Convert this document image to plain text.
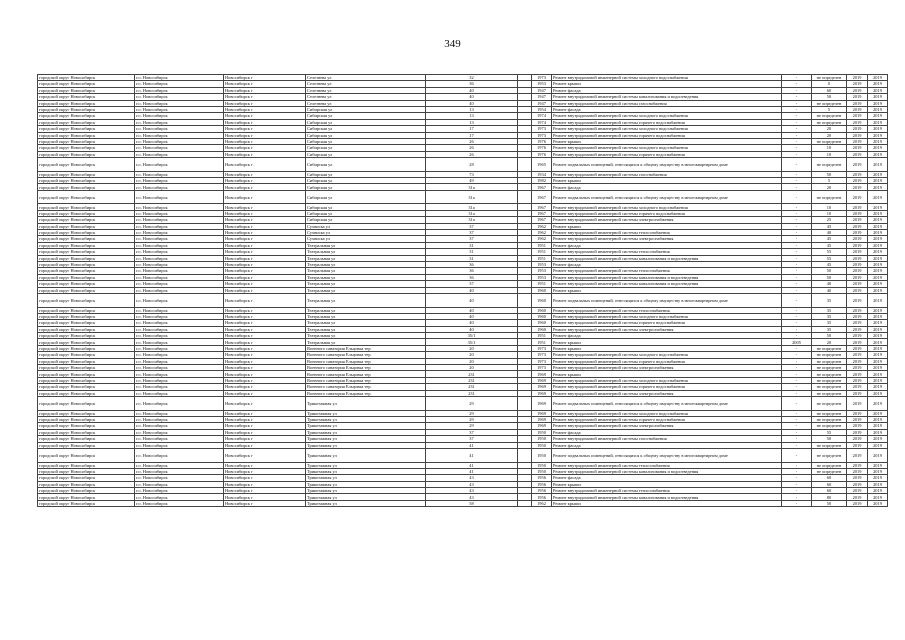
349
городской округ Новосибирск	г.о. Новосибирск	Новосибирск г	Селезнева ул	32		1973	Ремонт внутридомовой инженерной системы холодного водоснабжения	-	не определен	2019	2019
городской округ Новосибирск	г.о. Новосибирск	Новосибирск г	Селезнева ул	36		1953	Ремонт крыши	-	0	2019	2019
городской округ Новосибирск	г.о. Новосибирск	Новосибирск г	Селезнева ул	40		1947	Ремонт фасада	-	60	2019	2019
городской округ Новосибирск	г.о. Новосибирск	Новосибирск г	Селезнева ул	40		1947	Ремонт внутридомовой инженерной системы канализования и водоотведения	-	50	2019	2019
городской округ Новосибирск	г.о. Новосибирск	Новосибирск г	Селезнева ул	40		1947	Ремонт внутридомовой инженерной системы газоснабжения	-	не определен	2019	2019
городской округ Новосибирск	г.о. Новосибирск	Новосибирск г	Сибирская ул	13		1954	Ремонт фасада	-	5	2019	2019
городской округ Новосибирск	г.о. Новосибирск	Новосибирск г	Сибирская ул	13		1974	Ремонт внутридомовой инженерной системы холодного водоснабжения	-	не определен	2019	2019
городской округ Новосибирск	г.о. Новосибирск	Новосибирск г	Сибирская ул	13		1974	Ремонт внутридомовой инженерной системы горячего водоснабжения	-	не определен	2019	2019
городской округ Новосибирск	г.о. Новосибирск	Новосибирск г	Сибирская ул	17		1973	Ремонт внутридомовой инженерной системы холодного водоснабжения	-	20	2019	2019
городской округ Новосибирск	г.о. Новосибирск	Новосибирск г	Сибирская ул	17		1973	Ремонт внутридомовой инженерной системы горячего водоснабжения	-	20	2019	2019
городской округ Новосибирск	г.о. Новосибирск	Новосибирск г	Сибирская ул	26		1976	Ремонт крыши	-	не определен	2019	2019
городской округ Новосибирск	г.о. Новосибирск	Новосибирск г	Сибирская ул	26		1976	Ремонт внутридомовой инженерной системы холодного водоснабжения	-	10	2019	2019
городской округ Новосибирск	г.о. Новосибирск	Новосибирск г	Сибирская ул	26		1976	Ремонт внутридомовой инженерной системы горячего водоснабжения	-	10	2019	2019
городской округ Новосибирск	г.о. Новосибирск	Новосибирск г	Сибирская ул	28		1965	Ремонт подвальных помещений, относящихся к общему имуществу в многоквартирном доме	-	не определен	2019	2019
городской округ Новосибирск	г.о. Новосибирск	Новосибирск г	Сибирская ул	73		1934	Ремонт внутридомовой инженерной системы газоснабжения	-	50	2019	2019
городской округ Новосибирск	г.о. Новосибирск	Новосибирск г	Сибирская ул	49		1982	Ремонт крыши	-	5	2019	2019
городской округ Новосибирск	г.о. Новосибирск	Новосибирск г	Сибирская ул	31а		1967	Ремонт фасада	-	20	2019	2019
городской округ Новосибирск	г.о. Новосибирск	Новосибирск г	Сибирская ул	31а		1967	Ремонт подвальных помещений, относящихся к общему имуществу в многоквартирном доме	-	не определен	2019	2019
городской округ Новосибирск	г.о. Новосибирск	Новосибирск г	Сибирская ул	31а		1967	Ремонт внутридомовой инженерной системы холодного водоснабжения	-	10	2019	2019
городской округ Новосибирск	г.о. Новосибирск	Новосибирск г	Сибирская ул	31а		1967	Ремонт внутридомовой инженерной системы горячего водоснабжения	-	10	2019	2019
городской округ Новосибирск	г.о. Новосибирск	Новосибирск г	Сибирская ул	31а		1967	Ремонт внутридомовой инженерной системы электроснабжения	-	25	2019	2019
городской округ Новосибирск	г.о. Новосибирск	Новосибирск г	Сухвиска ул	37		1962	Ремонт крыши	-	45	2019	2019
городской округ Новосибирск	г.о. Новосибирск	Новосибирск г	Сухвиска ул	37		1962	Ремонт внутридомовой инженерной системы теплоснабжения	-	40	2019	2019
городской округ Новосибирск	г.о. Новосибирск	Новосибирск г	Сухвиска ул	37		1962	Ремонт внутридомовой инженерной системы электроснабжения	-	45	2019	2019
городской округ Новосибирск	г.о. Новосибирск	Новосибирск г	Театральная ул	31		1951	Ремонт фасада	-	45	2019	2019
городской округ Новосибирск	г.о. Новосибирск	Новосибирск г	Театральная ул	31		1951	Ремонт внутридомовой инженерной системы теплоснабжения	-	55	2019	2019
городской округ Новосибирск	г.о. Новосибирск	Новосибирск г	Театральная ул	31		1951	Ремонт внутридомовой инженерной системы канализования и водоотведения	-	55	2019	2019
городской округ Новосибирск	г.о. Новосибирск	Новосибирск г	Театральная ул	36		1953	Ремонт фасада	-	45	2019	2019
городской округ Новосибирск	г.о. Новосибирск	Новосибирск г	Театральная ул	36		1953	Ремонт внутридомовой инженерной системы теплоснабжения	-	50	2019	2019
городской округ Новосибирск	г.о. Новосибирск	Новосибирск г	Театральная ул	36		1953	Ремонт внутридомовой инженерной системы канализования и водоотведения	-	50	2019	2019
городской округ Новосибирск	г.о. Новосибирск	Новосибирск г	Театральная ул	37		1951	Ремонт внутридомовой инженерной системы канализования и водоотведения	-	40	2019	2019
городской округ Новосибирск	г.о. Новосибирск	Новосибирск г	Театральная ул	40		1960	Ремонт крыши	-	40	2019	2019
городской округ Новосибирск	г.о. Новосибирск	Новосибирск г	Театральная ул	40		1960	Ремонт подвальных помещений, относящихся к общему имуществу в многоквартирном доме	-	35	2019	2019
городской округ Новосибирск	г.о. Новосибирск	Новосибирск г	Театральная ул	40		1960	Ремонт внутридомовой инженерной системы теплоснабжения	-	35	2019	2019
городской округ Новосибирск	г.о. Новосибирск	Новосибирск г	Театральная ул	40		1960	Ремонт внутридомовой инженерной системы холодного водоснабжения	-	35	2019	2019
городской округ Новосибирск	г.о. Новосибирск	Новосибирск г	Театральная ул	40		1960	Ремонт внутридомовой инженерной системы горячего водоснабжения	-	35	2019	2019
городской округ Новосибирск	г.о. Новосибирск	Новосибирск г	Театральная ул	40		1960	Ремонт внутридомовой инженерной системы электроснабжения	-	35	2019	2019
городской округ Новосибирск	г.о. Новосибирск	Новосибирск г	Театральная ул	35/1		1951	Ремонт фасада	-	50	2019	2019
городской округ Новосибирск	г.о. Новосибирск	Новосибирск г	Театральная ул	35/1		1951	Ремонт крыши	2005	20	2019	2019
городской округ Новосибирск	г.о. Новосибирск	Новосибирск г	Военного санатория Ельцовка тер	20		1973	Ремонт крыши	-	не определен	2019	2019
городской округ Новосибирск	г.о. Новосибирск	Новосибирск г	Военного санатория Ельцовка тер	20		1973	Ремонт внутридомовой инженерной системы холодного водоснабжения	-	не определен	2019	2019
городской округ Новосибирск	г.о. Новосибирск	Новосибирск г	Военного санатория Ельцовка тер	20		1973	Ремонт внутридомовой инженерной системы горячего водоснабжения	-	не определен	2019	2019
городской округ Новосибирск	г.о. Новосибирск	Новосибирск г	Военного санатория Ельцовка тер	20		1973	Ремонт внутридомовой инженерной системы электроснабжения	-	не определен	2019	2019
городской округ Новосибирск	г.о. Новосибирск	Новосибирск г	Военного санатория Ельцовка тер	231		1969	Ремонт крыши	-	не определен	2019	2019
городской округ Новосибирск	г.о. Новосибирск	Новосибирск г	Военного санатория Ельцовка тер	231		1969	Ремонт внутридомовой инженерной системы холодного водоснабжения	-	не определен	2019	2019
городской округ Новосибирск	г.о. Новосибирск	Новосибирск г	Военного санатория Ельцовка тер	231		1969	Ремонт внутридомовой инженерной системы горячего водоснабжения	-	не определен	2019	2019
городской округ Новосибирск	г.о. Новосибирск	Новосибирск г	Военного санатория Ельцовка тер	231		1969	Ремонт внутридомовой инженерной системы электроснабжения	-	не определен	2019	2019
городской округ Новосибирск	г.о. Новосибирск	Новосибирск г	Трикотажная ул	29		1969	Ремонт подвальных помещений, относящихся к общему имуществу в многоквартирном доме	-	не определен	2019	2019
городской округ Новосибирск	г.о. Новосибирск	Новосибирск г	Трикотажная ул	29		1969	Ремонт внутридомовой инженерной системы холодного водоснабжения	-	не определен	2019	2019
городской округ Новосибирск	г.о. Новосибирск	Новосибирск г	Трикотажная ул	29		1969	Ремонт внутридомовой инженерной системы горячего водоснабжения	-	не определен	2019	2019
городской округ Новосибирск	г.о. Новосибирск	Новосибирск г	Трикотажная ул	29		1969	Ремонт внутридомовой инженерной системы электроснабжения	-	не определен	2019	2019
городской округ Новосибирск	г.о. Новосибирск	Новосибирск г	Трикотажная ул	37		1950	Ремонт фасада	-	55	2019	2019
городской округ Новосибирск	г.о. Новосибирск	Новосибирск г	Трикотажная ул	37		1950	Ремонт внутридомовой инженерной системы газоснабжения	-	50	2019	2019
городской округ Новосибирск	г.о. Новосибирск	Новосибирск г	Трикотажная ул	41		1950	Ремонт фасада	-	не определен	2019	2019
городской округ Новосибирск	г.о. Новосибирск	Новосибирск г	Трикотажная ул	41		1950	Ремонт подвальных помещений, относящихся к общему имуществу в многоквартирном доме	-	не определен	2019	2019
городской округ Новосибирск	г.о. Новосибирск	Новосибирск г	Трикотажная ул	41		1950	Ремонт внутридомовой инженерной системы теплоснабжения	-	не определен	2019	2019
городской округ Новосибирск	г.о. Новосибирск	Новосибирск г	Трикотажная ул	41		1950	Ремонт внутридомовой инженерной системы канализования и водоотведения	-	не определен	2019	2019
городской округ Новосибирск	г.о. Новосибирск	Новосибирск г	Трикотажная ул	43		1956	Ремонт фасада	-	60	2019	2019
городской округ Новосибирск	г.о. Новосибирск	Новосибирск г	Трикотажная ул	43		1956	Ремонт крыши	-	60	2019	2019
городской округ Новосибирск	г.о. Новосибирск	Новосибирск г	Трикотажная ул	43		1956	Ремонт внутридомовой инженерной системы теплоснабжения	-	60	2019	2019
городской округ Новосибирск	г.о. Новосибирск	Новосибирск г	Трикотажная ул	43		1956	Ремонт внутридомовой инженерной системы канализования и водоотведения	-	80	2019	2019
городской округ Новосибирск	г.о. Новосибирск	Новосибирск г	Трикотажная ул	58		1962	Ремонт крыши	-	50	2019	2019
